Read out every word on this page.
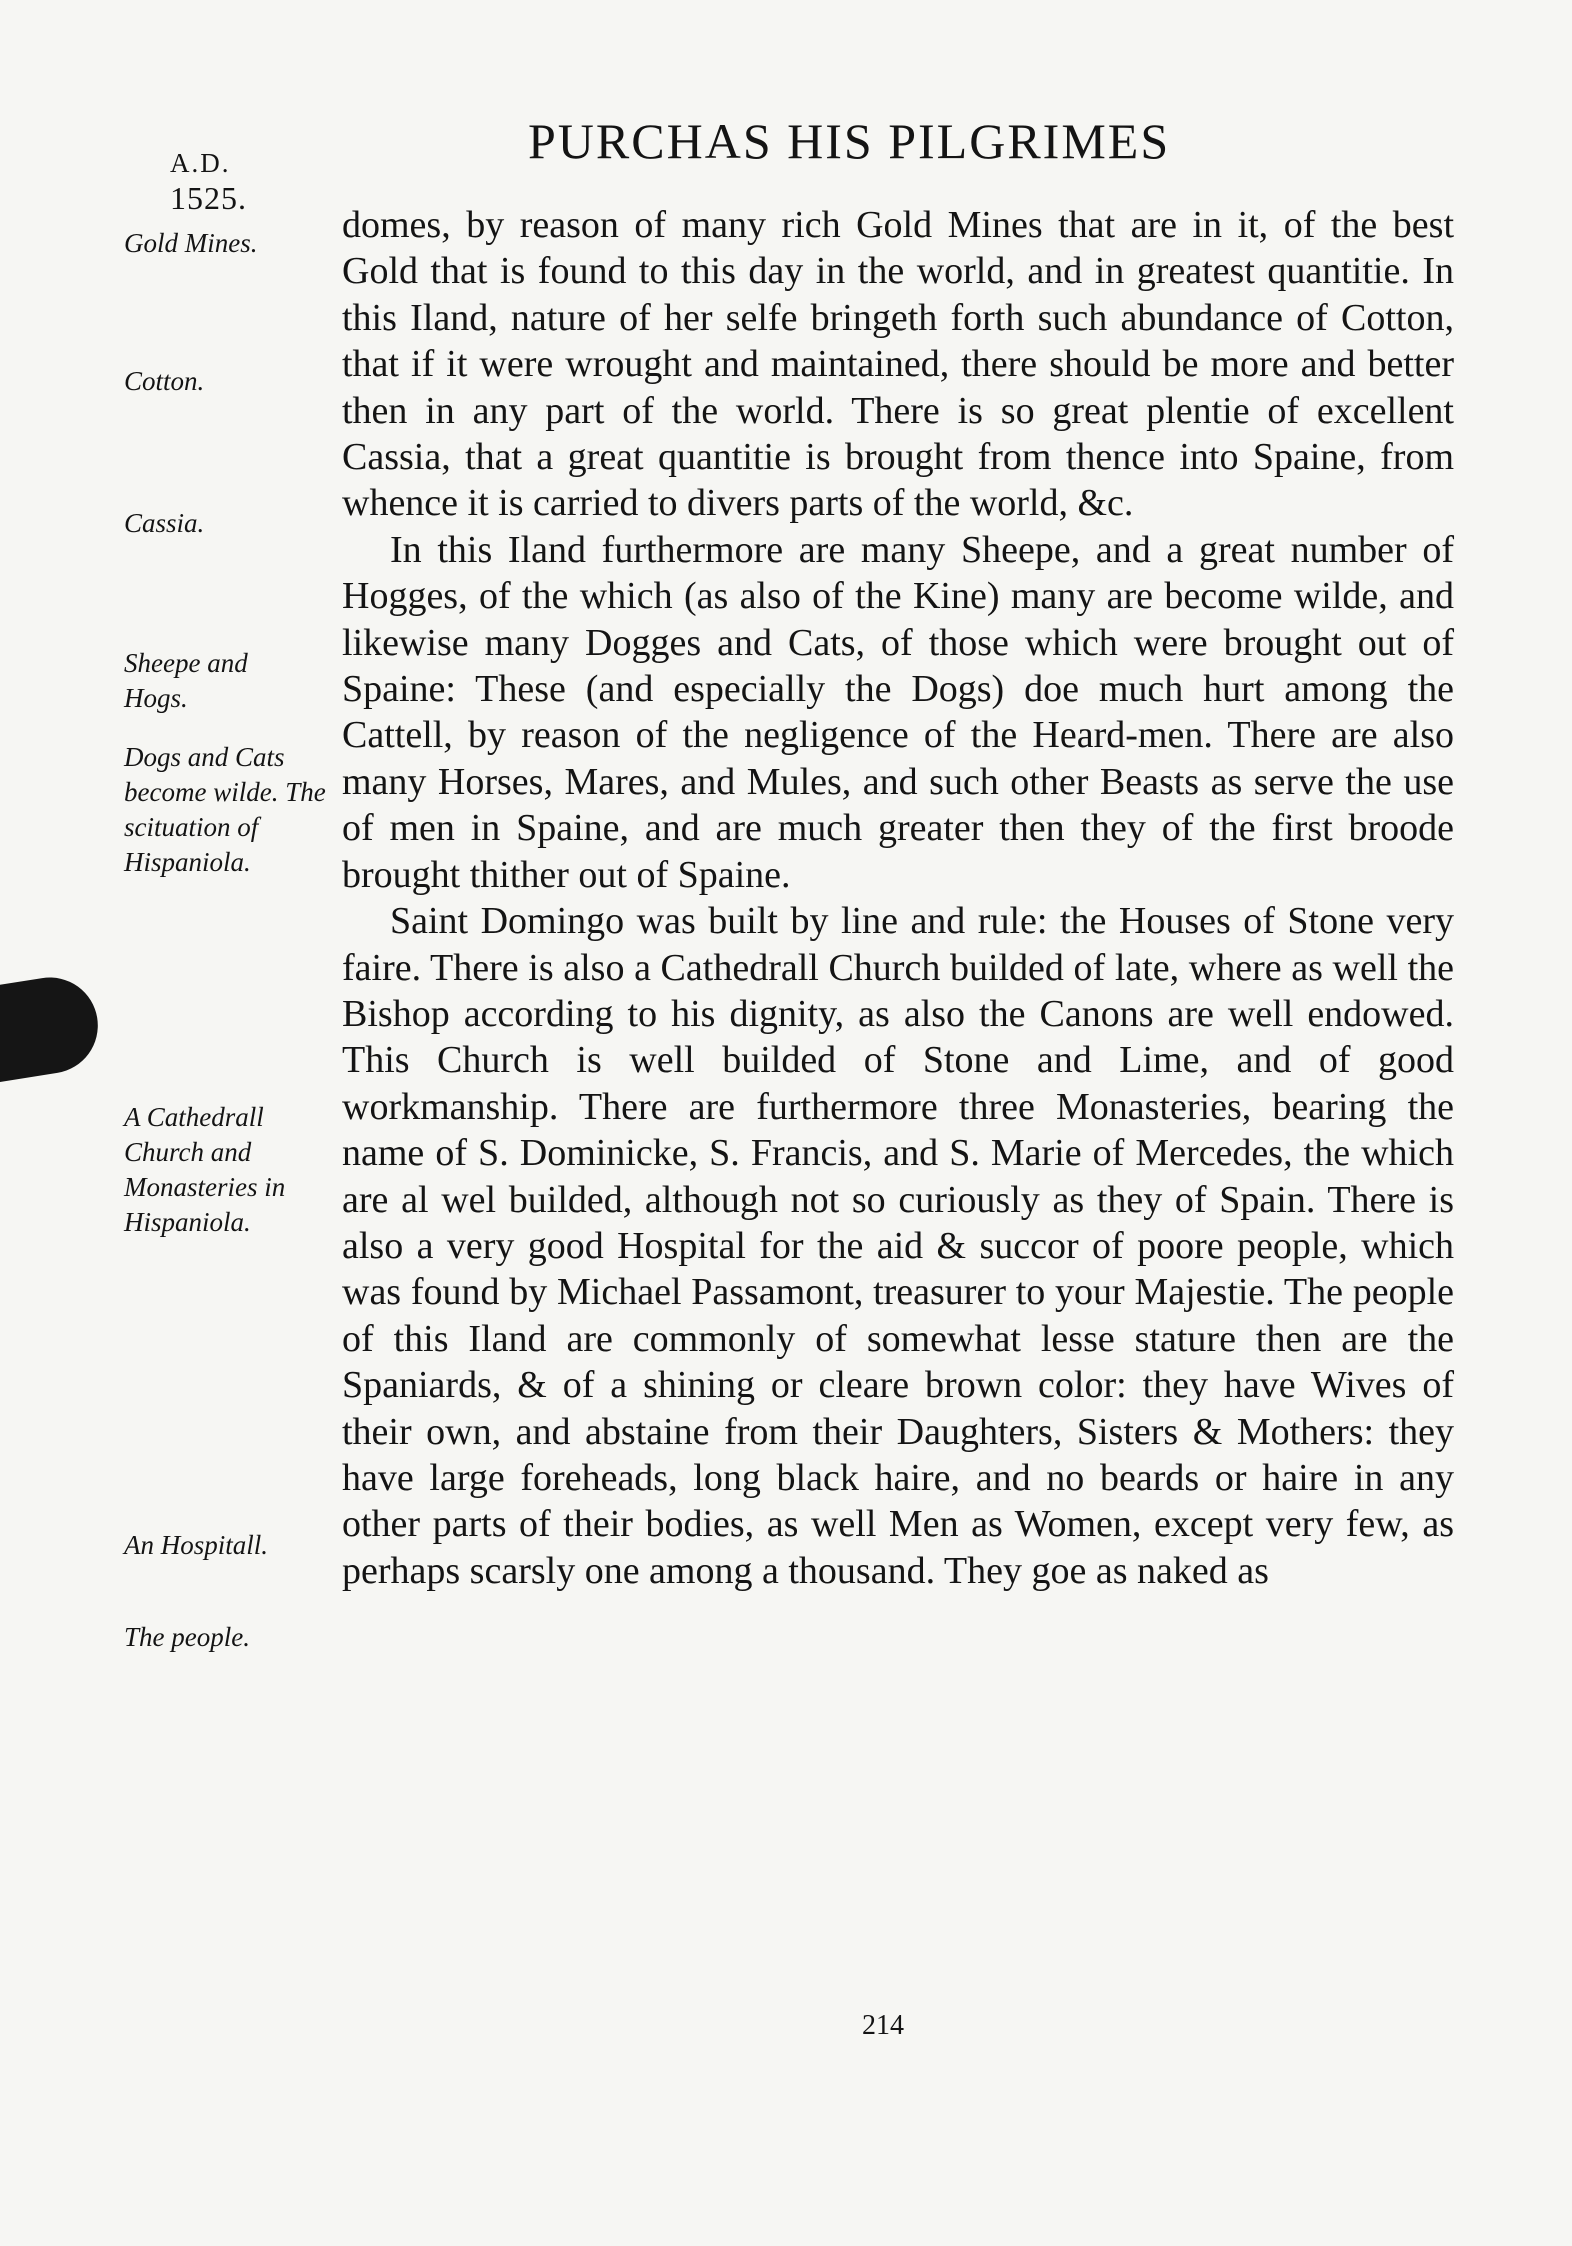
A.D.
1525.
PURCHAS HIS PILGRIMES
Gold Mines.
Cotton.
Cassia.
Sheepe and Hogs.
Dogs and Cats become wilde. The scituation of Hispaniola.
A Cathedrall Church and Monasteries in Hispaniola.
An Hospitall.
The people.

domes, by reason of many rich Gold Mines that are in it, of the best Gold that is found to this day in the world, and in greatest quantitie. In this Iland, nature of her selfe bringeth forth such abundance of Cotton, that if it were wrought and maintained, there should be more and better then in any part of the world. There is so great plentie of excellent Cassia, that a great quantitie is brought from thence into Spaine, from whence it is carried to divers parts of the world, &c.

In this Iland furthermore are many Sheepe, and a great number of Hogges, of the which (as also of the Kine) many are become wilde, and likewise many Dogges and Cats, of those which were brought out of Spaine: These (and especially the Dogs) doe much hurt among the Cattell, by reason of the negligence of the Heard-men. There are also many Horses, Mares, and Mules, and such other Beasts as serve the use of men in Spaine, and are much greater then they of the first broode brought thither out of Spaine.

Saint Domingo was built by line and rule: the Houses of Stone very faire. There is also a Cathedrall Church builded of late, where as well the Bishop according to his dignity, as also the Canons are well endowed. This Church is well builded of Stone and Lime, and of good workmanship. There are furthermore three Monasteries, bearing the name of S. Dominicke, S. Francis, and S. Marie of Mercedes, the which are al wel builded, although not so curiously as they of Spain. There is also a very good Hospital for the aid & succor of poore people, which was found by Michael Passamont, treasurer to your Majestie. The people of this Iland are commonly of somewhat lesse stature then are the Spaniards, & of a shining or cleare brown color: they have Wives of their own, and abstaine from their Daughters, Sisters & Mothers: they have large foreheads, long black haire, and no beards or haire in any other parts of their bodies, as well Men as Women, except very few, as perhaps scarsly one among a thousand. They goe as naked as

214
